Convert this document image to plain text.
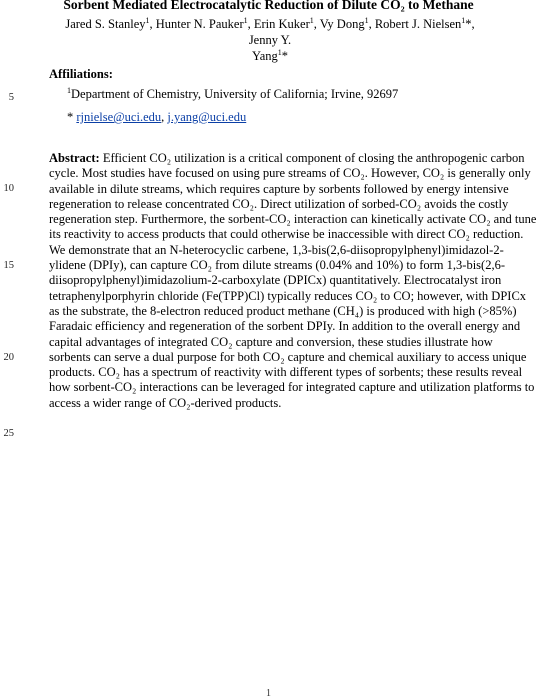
Sorbent Mediated Electrocatalytic Reduction of Dilute CO₂ to Methane
Jared S. Stanley$^1$, Hunter N. Pauker$^1$, Erin Kuker$^1$, Vy Dong$^1$, Robert J. Nielsen$^1$*, Jenny Y.
Yang$^1$*
Affiliations:
$^1$Department of Chemistry, University of California; Irvine, 92697
* rjnielse@uci.edu, j.yang@uci.edu
5
10
15
20
25
Abstract: Efficient CO₂ utilization is a critical component of closing the anthropogenic carbon
cycle. Most studies have focused on using pure streams of CO₂. However, CO₂ is generally only
available in dilute streams, which requires capture by sorbents followed by energy intensive
regeneration to release concentrated CO₂. Direct utilization of sorbed-CO₂ avoids the costly
regeneration step. Furthermore, the sorbent-CO₂ interaction can kinetically activate CO₂ and tune
its reactivity to access products that could otherwise be inaccessible with direct CO₂ reduction.
We demonstrate that an N-heterocyclic carbene, 1,3-bis(2,6-diisopropylphenyl)imidazol-2-
ylidene (DPIy), can capture CO₂ from dilute streams (0.04% and 10%) to form 1,3-bis(2,6-
diisopropylphenyl)imidazolium-2-carboxylate (DPICx) quantitatively. Electrocatalyst iron
tetraphenylporphyrin chloride (Fe(TPP)Cl) typically reduces CO₂ to CO; however, with DPICx
as the substrate, the 8-electron reduced product methane (CH₄) is produced with high (>85%)
Faradaic efficiency and regeneration of the sorbent DPIy. In addition to the overall energy and
capital advantages of integrated CO₂ capture and conversion, these studies illustrate how
sorbents can serve a dual purpose for both CO₂ capture and chemical auxiliary to access unique
products. CO₂ has a spectrum of reactivity with different types of sorbents; these results reveal
how sorbent-CO₂ interactions can be leveraged for integrated capture and utilization platforms to
access a wider range of CO₂-derived products.
1
